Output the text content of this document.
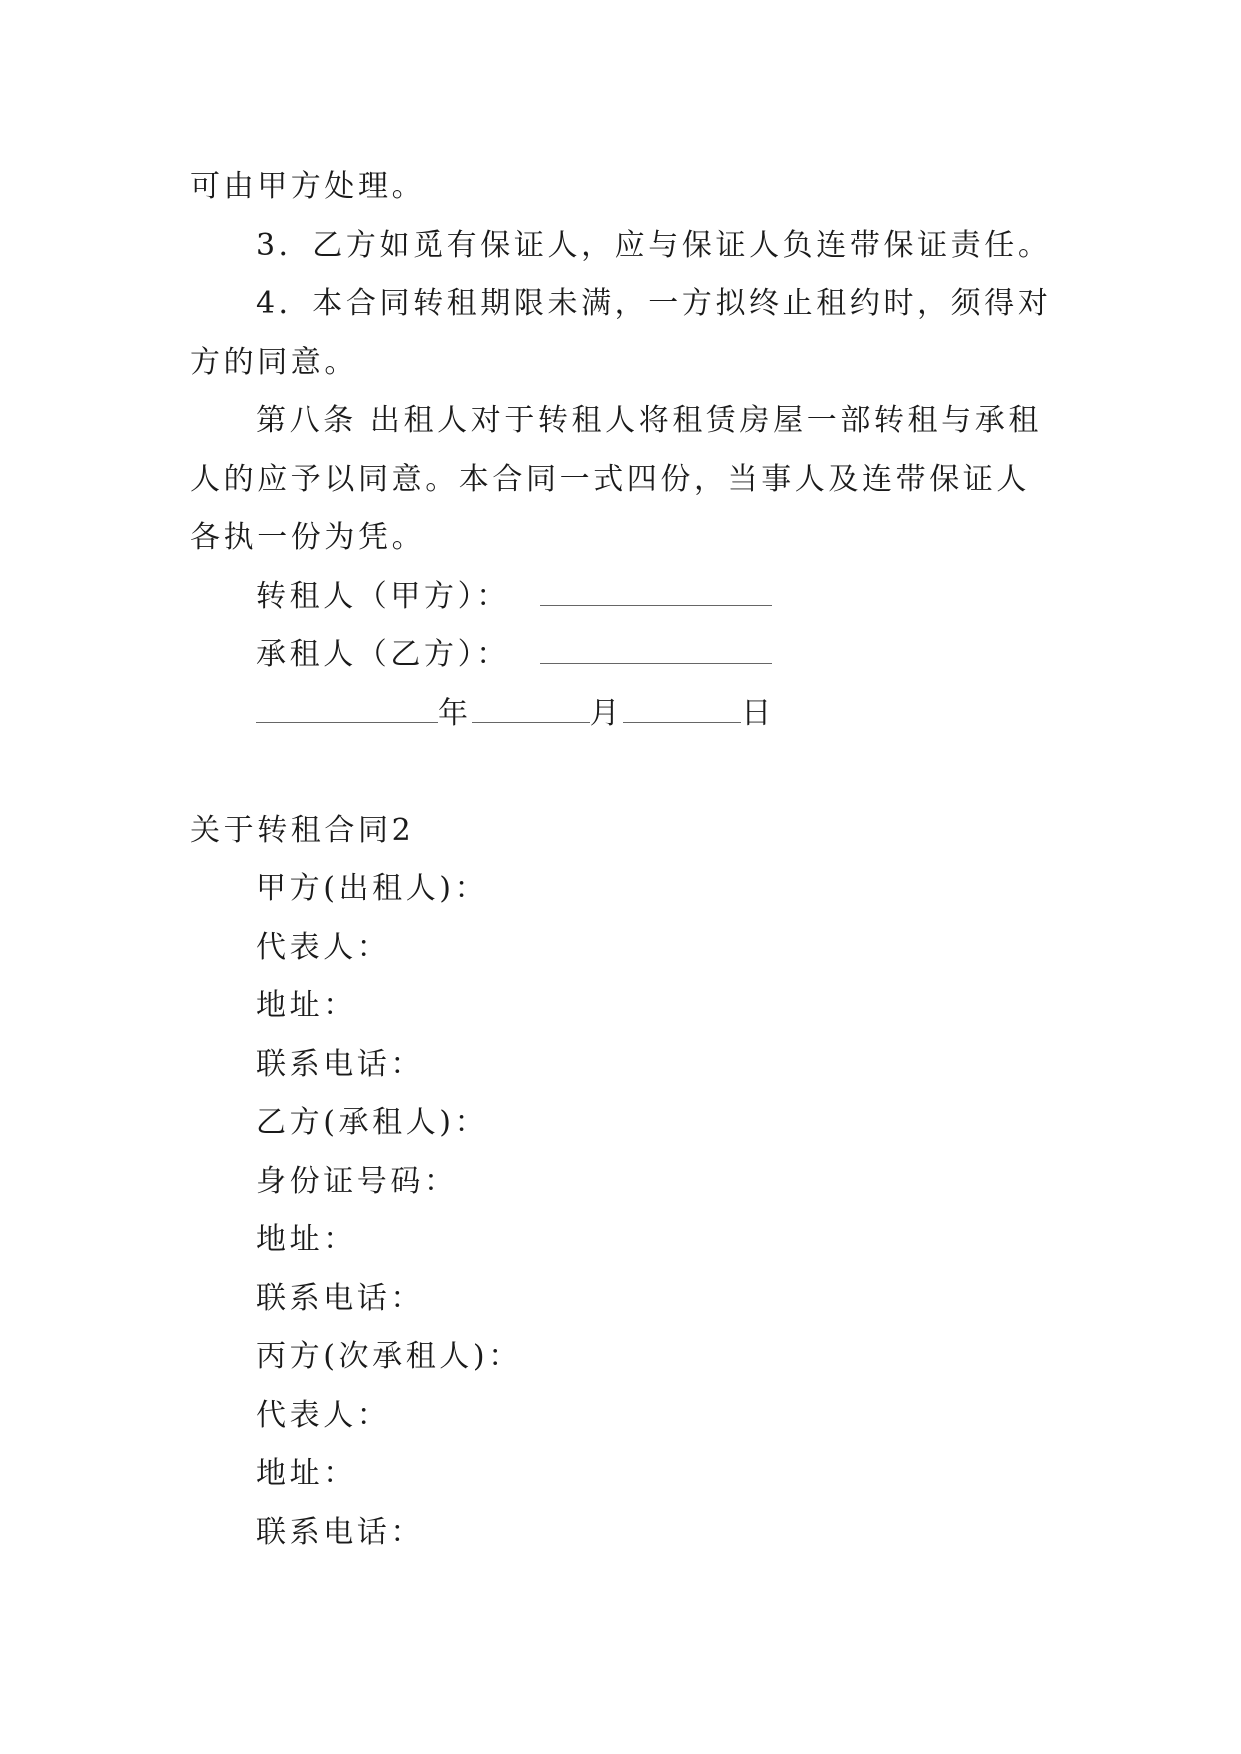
可由甲方处理。

3．乙方如觅有保证人，应与保证人负连带保证责任。

4．本合同转租期限未满，一方拟终止租约时，须得对方的同意。

第八条 出租人对于转租人将租赁房屋一部转租与承租人的应予以同意。本合同一式四份，当事人及连带保证人各执一份为凭。

转租人（甲方）：

承租人（乙方）：

年	月	日

关于转租合同2

甲方(出租人)：

代表人：

地址：

联系电话：

乙方(承租人)：

身份证号码：

地址：

联系电话：

丙方(次承租人)：

代表人：

地址：

联系电话：
